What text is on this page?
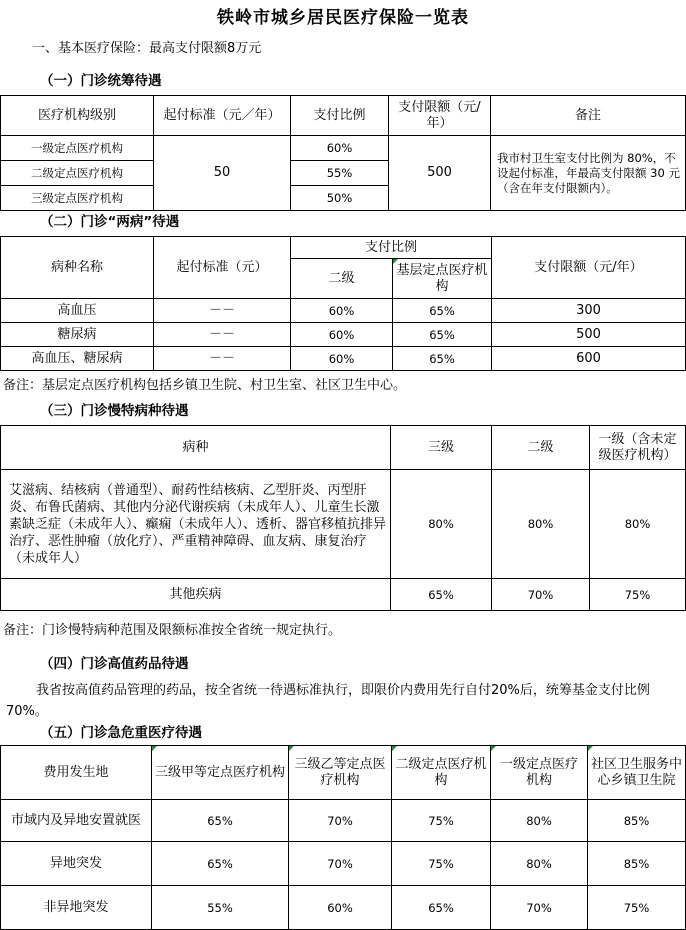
铁岭市城乡居民医疗保险一览表
一、基本医疗保险：最高支付限额8万元
（一）门诊统筹待遇
医疗机构级别	起付标准（元／年）	支付比例	支付限额（元/年）	备注
一级定点医疗机构	50	60%	500	我市村卫生室支付比例为 80%，不设起付标准，年最高支付限额 30 元（含在年支付限额内）。
二级定点医疗机构		55%		
三级定点医疗机构		50%		
（二）门诊“两病”待遇
病种名称	起付标准（元）	支付比例		支付限额（元/年）
		二级	基层定点医疗机构	
高血压	－－	60%	65%	300
糖尿病	－－	60%	65%	500
高血压、糖尿病	－－	60%	65%	600
备注：基层定点医疗机构包括乡镇卫生院、村卫生室、社区卫生中心。
（三）门诊慢特病种待遇
病种	三级	二级	一级（含未定级医疗机构）
艾滋病、结核病（普通型）、耐药性结核病、乙型肝炎、丙型肝炎、布鲁氏菌病、其他内分泌代谢疾病（未成年人）、儿童生长激素缺乏症（未成年人）、癫痫（未成年人）、透析、器官移植抗排异治疗、恶性肿瘤（放化疗）、严重精神障碍、血友病、康复治疗（未成年人）	80%	80%	80%
其他疾病	65%	70%	75%
备注：门诊慢特病种范围及限额标准按全省统一规定执行。
（四）门诊高值药品待遇
我省按高值药品管理的药品，按全省统一待遇标准执行，即限价内费用先行自付20%后，统筹基金支付比例70%。
（五）门诊急危重医疗待遇
费用发生地	三级甲等定点医疗机构	三级乙等定点医疗机构	二级定点医疗机构	一级定点医疗机构	社区卫生服务中心乡镇卫生院
市域内及异地安置就医	65%	70%	75%	80%	85%
异地突发	65%	70%	75%	80%	85%
非异地突发	55%	60%	65%	70%	75%
